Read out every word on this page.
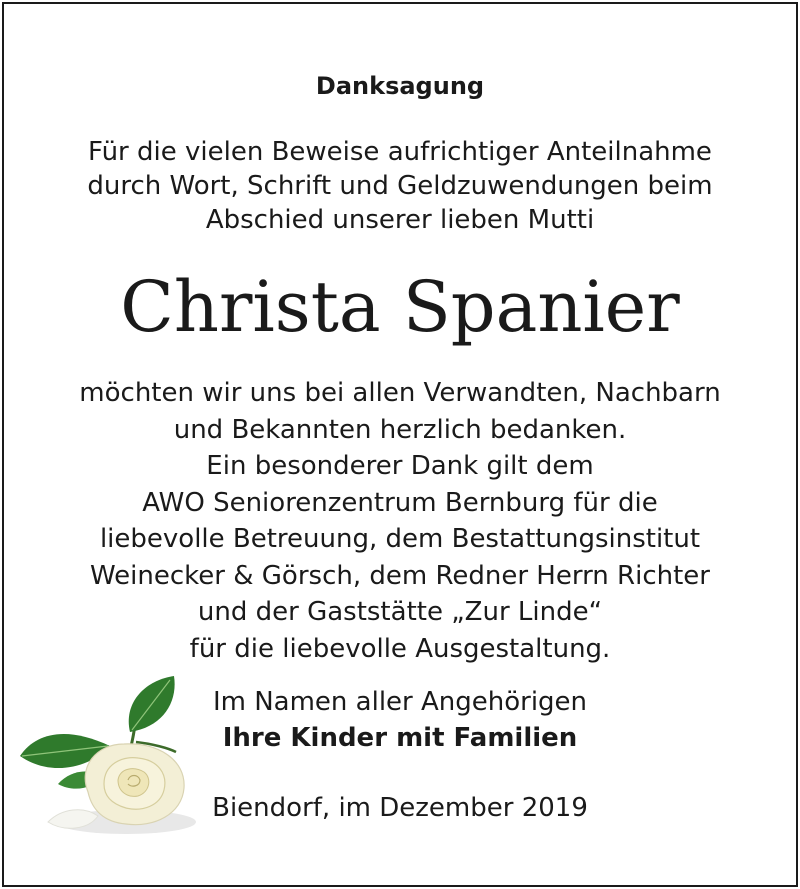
Danksagung
Für die vielen Beweise aufrichtiger Anteilnahme
durch Wort, Schrift und Geldzuwendungen beim
Abschied unserer lieben Mutti
Christa Spanier
möchten wir uns bei allen Verwandten, Nachbarn
und Bekannten herzlich bedanken.
Ein besonderer Dank gilt dem
AWO Seniorenzentrum Bernburg für die
liebevolle Betreuung, dem Bestattungsinstitut
Weinecker & Görsch, dem Redner Herrn Richter
und der Gaststätte „Zur Linde“
für die liebevolle Ausgestaltung.
Im Namen aller Angehörigen
Ihre Kinder mit Familien
Biendorf, im Dezember 2019
